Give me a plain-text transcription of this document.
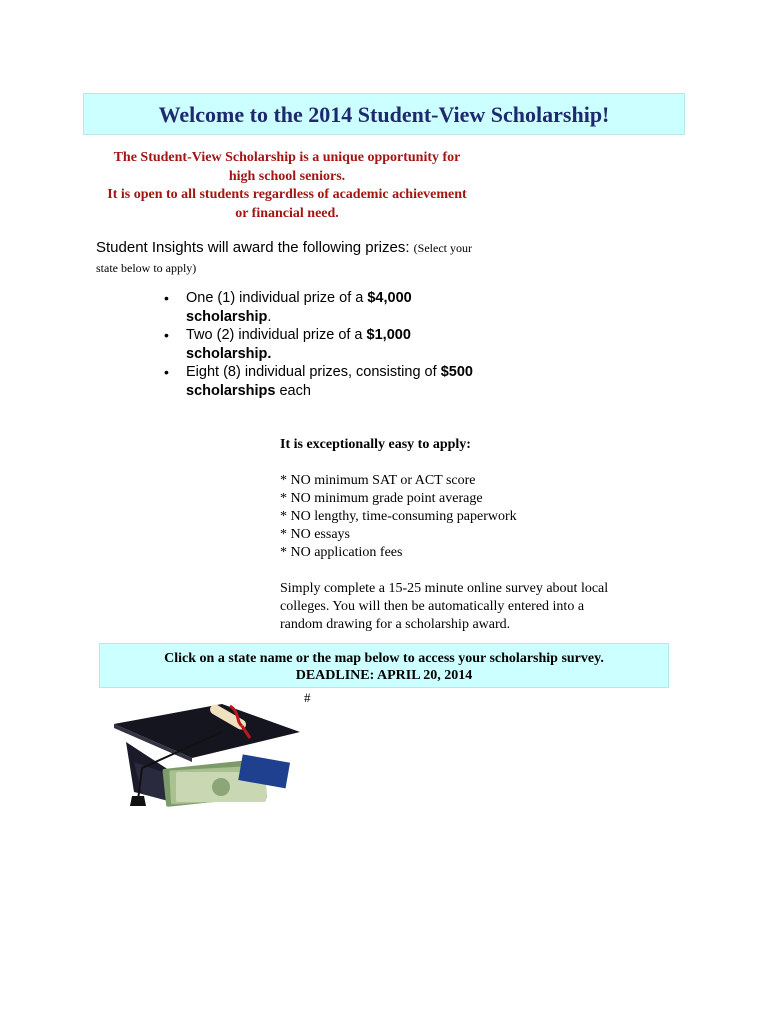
Welcome to the 2014 Student-View Scholarship!
The Student-View Scholarship is a unique opportunity for
high school seniors.
It is open to all students regardless of academic achievement
or financial need.
Student Insights will award the following prizes: (Select your state below to apply)
• One (1) individual prize of a $4,000 scholarship.
• Two (2) individual prize of a $1,000 scholarship.
• Eight (8) individual prizes, consisting of $500 scholarships each
It is exceptionally easy to apply:
* NO minimum SAT or ACT score
* NO minimum grade point average
* NO lengthy, time-consuming paperwork
* NO essays
* NO application fees
Simply complete a 15-25 minute online survey about local colleges. You will then be automatically entered into a random drawing for a scholarship award.
Click on a state name or the map below to access your scholarship survey.
DEADLINE: APRIL 20, 2014
#
